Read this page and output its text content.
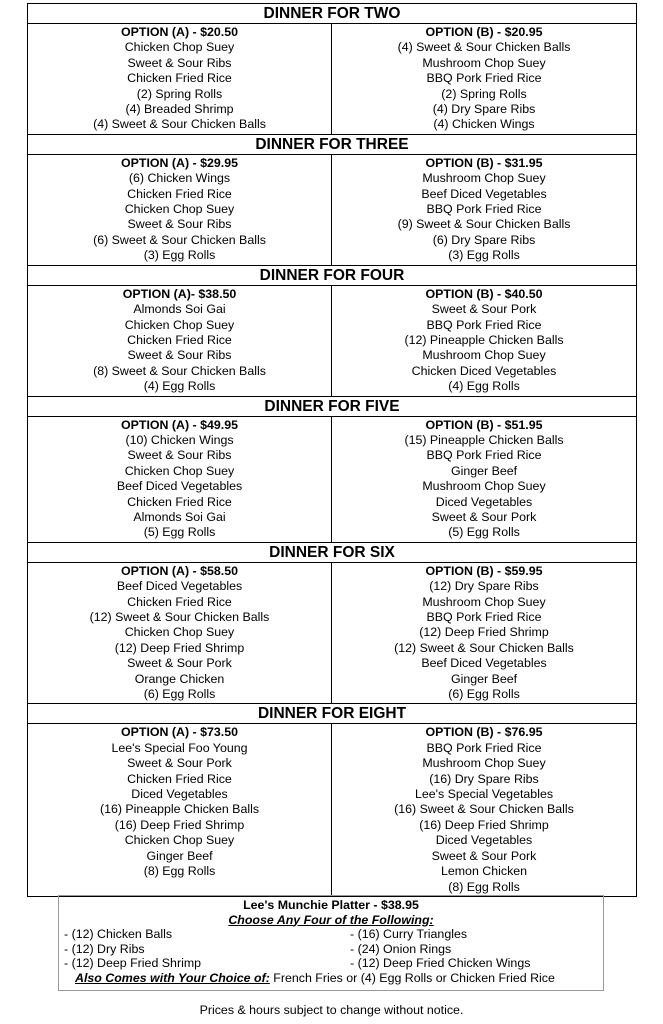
DINNER FOR TWO
OPTION (A) - $20.50
Chicken Chop Suey
Sweet & Sour Ribs
Chicken Fried Rice
(2) Spring Rolls
(4) Breaded Shrimp
(4) Sweet & Sour Chicken Balls
OPTION (B) - $20.95
(4) Sweet & Sour Chicken Balls
Mushroom Chop Suey
BBQ Pork Fried Rice
(2) Spring Rolls
(4) Dry Spare Ribs
(4) Chicken Wings
DINNER FOR THREE
OPTION (A) - $29.95
(6) Chicken Wings
Chicken Fried Rice
Chicken Chop Suey
Sweet & Sour Ribs
(6) Sweet & Sour Chicken Balls
(3) Egg Rolls
OPTION (B) - $31.95
Mushroom Chop Suey
Beef Diced Vegetables
BBQ Pork Fried Rice
(9) Sweet & Sour Chicken Balls
(6) Dry Spare Ribs
(3) Egg Rolls
DINNER FOR FOUR
OPTION (A)- $38.50
Almonds Soi Gai
Chicken Chop Suey
Chicken Fried Rice
Sweet & Sour Ribs
(8) Sweet & Sour Chicken Balls
(4) Egg Rolls
OPTION (B) - $40.50
Sweet & Sour Pork
BBQ Pork Fried Rice
(12) Pineapple Chicken Balls
Mushroom Chop Suey
Chicken Diced Vegetables
(4) Egg Rolls
DINNER FOR FIVE
OPTION (A) - $49.95
(10) Chicken Wings
Sweet & Sour Ribs
Chicken Chop Suey
Beef Diced Vegetables
Chicken Fried Rice
Almonds Soi Gai
(5) Egg Rolls
OPTION (B) - $51.95
(15) Pineapple Chicken Balls
BBQ Pork Fried Rice
Ginger Beef
Mushroom Chop Suey
Diced Vegetables
Sweet & Sour Pork
(5) Egg Rolls
DINNER FOR SIX
OPTION (A) - $58.50
Beef Diced Vegetables
Chicken Fried Rice
(12) Sweet & Sour Chicken Balls
Chicken Chop Suey
(12) Deep Fried Shrimp
Sweet & Sour Pork
Orange Chicken
(6) Egg Rolls
OPTION (B) - $59.95
(12) Dry Spare Ribs
Mushroom Chop Suey
BBQ Pork Fried Rice
(12) Deep Fried Shrimp
(12) Sweet & Sour Chicken Balls
Beef Diced Vegetables
Ginger Beef
(6) Egg Rolls
DINNER FOR EIGHT
OPTION (A) - $73.50
Lee's Special Foo Young
Sweet & Sour Pork
Chicken Fried Rice
Diced Vegetables
(16) Pineapple Chicken Balls
(16) Deep Fried Shrimp
Chicken Chop Suey
Ginger Beef
(8) Egg Rolls
OPTION (B) - $76.95
BBQ Pork Fried Rice
Mushroom Chop Suey
(16) Dry Spare Ribs
Lee's Special Vegetables
(16) Sweet & Sour Chicken Balls
(16) Deep Fried Shrimp
Diced Vegetables
Sweet & Sour Pork
Lemon Chicken
(8) Egg Rolls
Lee's Munchie Platter - $38.95
Choose Any Four of the Following:
- (12) Chicken Balls
- (12) Dry Ribs
- (12) Deep Fried Shrimp
- (16) Curry Triangles
- (24) Onion Rings
- (12) Deep Fried Chicken Wings
Also Comes with Your Choice of: French Fries or (4) Egg Rolls or Chicken Fried Rice
Prices & hours subject to change without notice.
